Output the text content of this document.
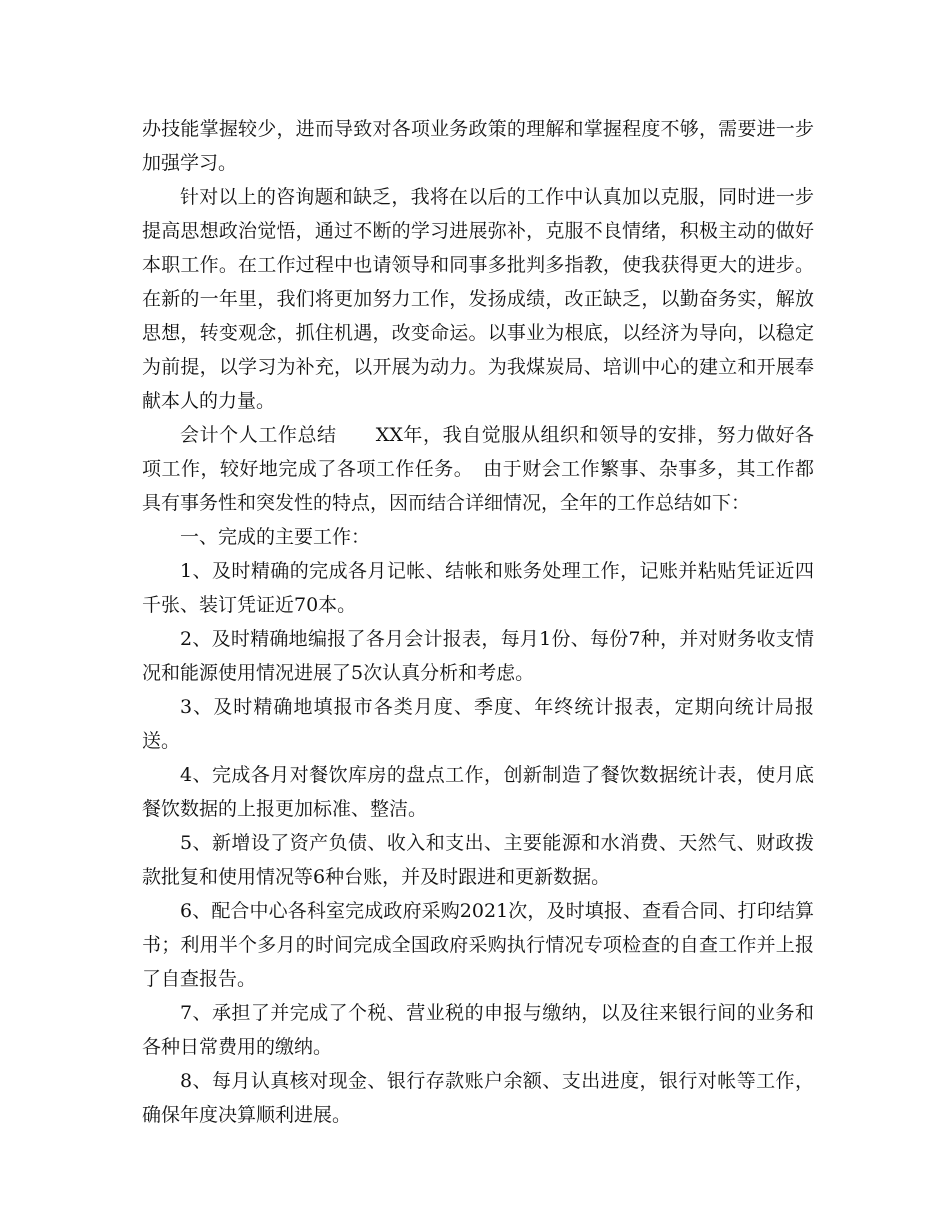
办技能掌握较少，进而导致对各项业务政策的理解和掌握程度不够，需要进一步加强学习。

针对以上的咨询题和缺乏，我将在以后的工作中认真加以克服，同时进一步提高思想政治觉悟，通过不断的学习进展弥补，克服不良情绪，积极主动的做好本职工作。在工作过程中也请领导和同事多批判多指教，使我获得更大的进步。在新的一年里，我们将更加努力工作，发扬成绩，改正缺乏，以勤奋务实，解放思想，转变观念，抓住机遇，改变命运。以事业为根底，以经济为导向，以稳定为前提，以学习为补充，以开展为动力。为我煤炭局、培训中心的建立和开展奉献本人的力量。

会计个人工作总结　　XX年，我自觉服从组织和领导的安排，努力做好各项工作，较好地完成了各项工作任务。　由于财会工作繁事、杂事多，其工作都具有事务性和突发性的特点，因而结合详细情况，全年的工作总结如下：

一、完成的主要工作：

1、及时精确的完成各月记帐、结帐和账务处理工作，记账并粘贴凭证近四千张、装订凭证近70本。

2、及时精确地编报了各月会计报表，每月1份、每份7种，并对财务收支情况和能源使用情况进展了5次认真分析和考虑。

3、及时精确地填报市各类月度、季度、年终统计报表，定期向统计局报送。

4、完成各月对餐饮库房的盘点工作，创新制造了餐饮数据统计表，使月底餐饮数据的上报更加标准、整洁。

5、新增设了资产负债、收入和支出、主要能源和水消费、天然气、财政拨款批复和使用情况等6种台账，并及时跟进和更新数据。

6、配合中心各科室完成政府采购2021次，及时填报、查看合同、打印结算书；利用半个多月的时间完成全国政府采购执行情况专项检查的自查工作并上报了自查报告。

7、承担了并完成了个税、营业税的申报与缴纳，以及往来银行间的业务和各种日常费用的缴纳。

8、每月认真核对现金、银行存款账户余额、支出进度，银行对帐等工作，确保年度决算顺利进展。
